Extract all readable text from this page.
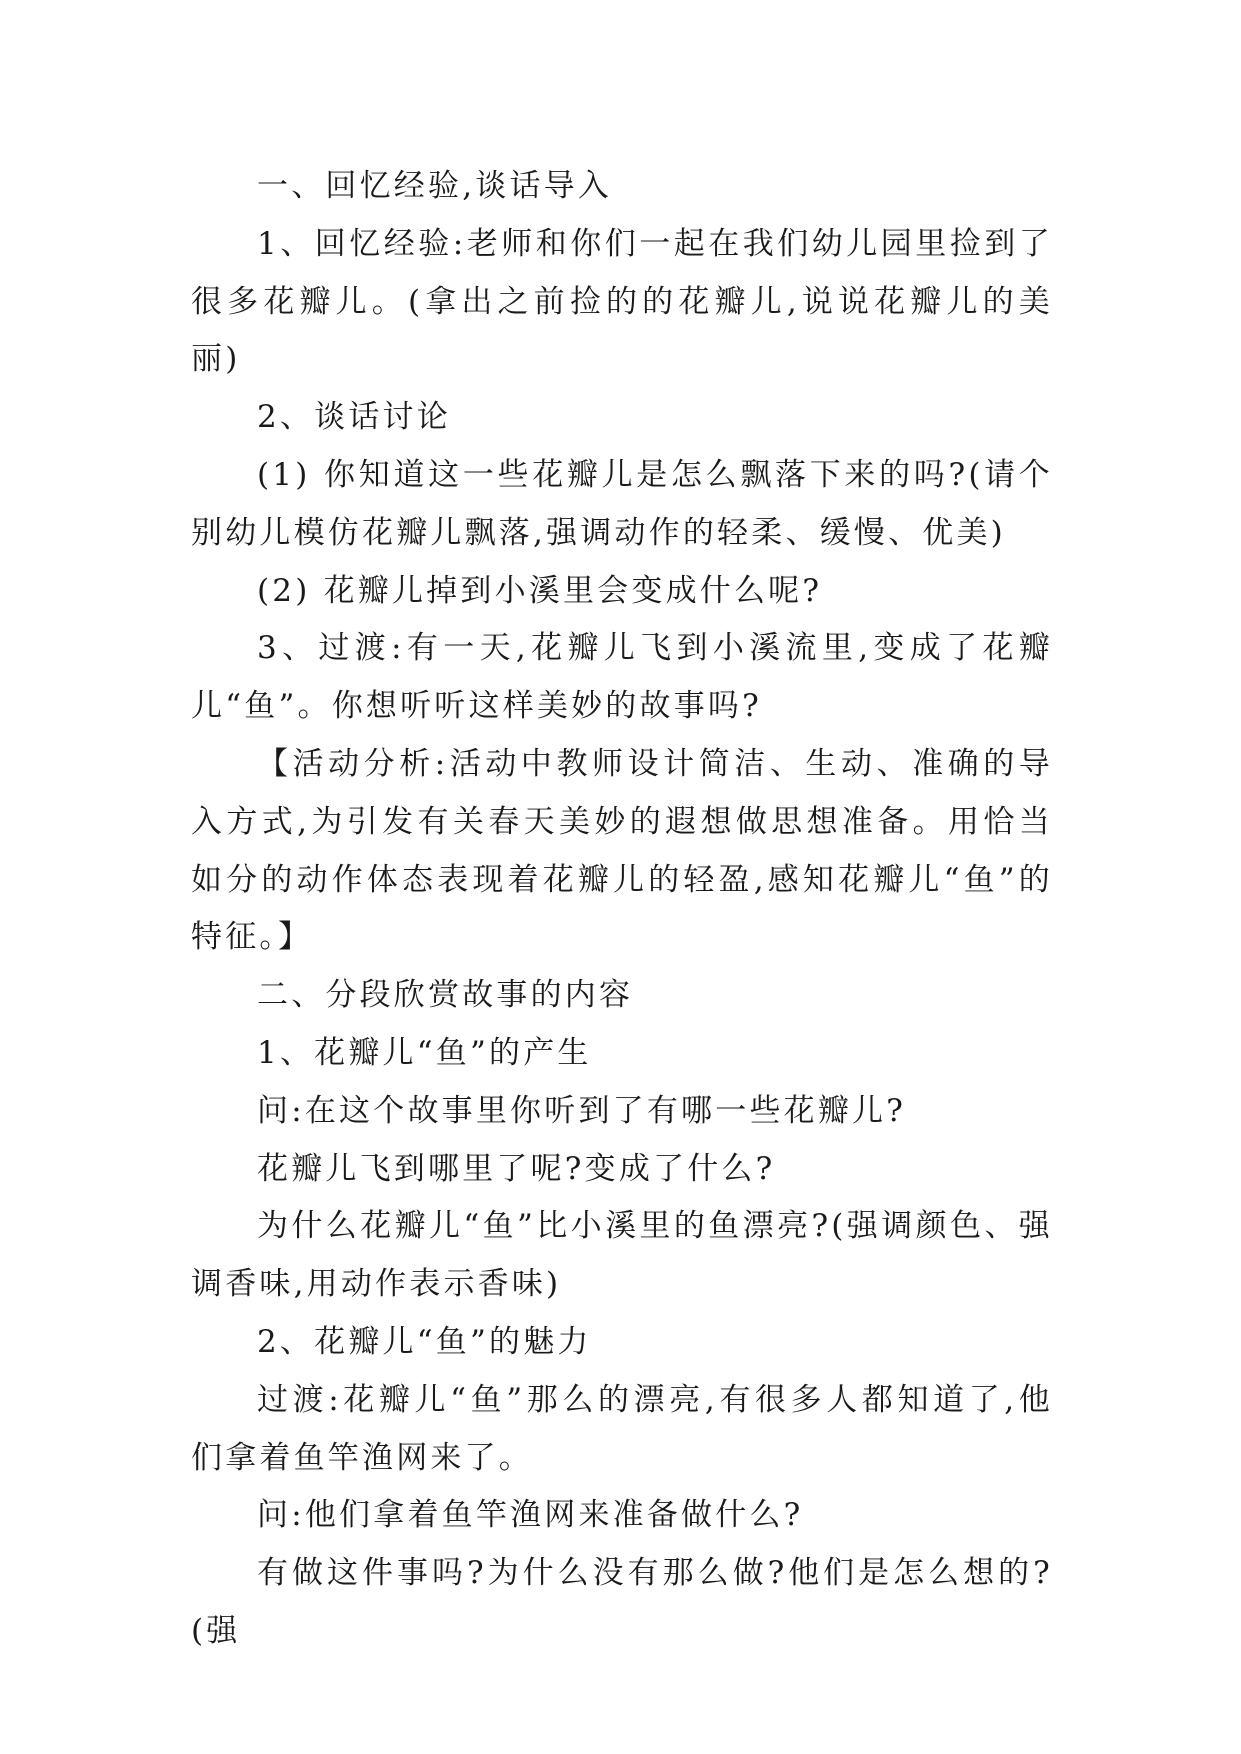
一、回忆经验,谈话导入

1、回忆经验:老师和你们一起在我们幼儿园里捡到了很多花瓣儿。(拿出之前捡的的花瓣儿,说说花瓣儿的美丽)

2、谈话讨论

(1) 你知道这一些花瓣儿是怎么飘落下来的吗?(请个别幼儿模仿花瓣儿飘落,强调动作的轻柔、缓慢、优美)

(2) 花瓣儿掉到小溪里会变成什么呢?

3、过渡:有一天,花瓣儿飞到小溪流里,变成了花瓣儿“鱼”。你想听听这样美妙的故事吗?

【活动分析:活动中教师设计简洁、生动、准确的导入方式,为引发有关春天美妙的遐想做思想准备。用恰当如分的动作体态表现着花瓣儿的轻盈,感知花瓣儿“鱼”的特征。】

二、分段欣赏故事的内容

1、花瓣儿“鱼”的产生

问:在这个故事里你听到了有哪一些花瓣儿?

花瓣儿飞到哪里了呢?变成了什么?

为什么花瓣儿“鱼”比小溪里的鱼漂亮?(强调颜色、强调香味,用动作表示香味)

2、花瓣儿“鱼”的魅力

过渡:花瓣儿“鱼”那么的漂亮,有很多人都知道了,他们拿着鱼竿渔网来了。

问:他们拿着鱼竿渔网来准备做什么?

有做这件事吗?为什么没有那么做?他们是怎么想的?(强
